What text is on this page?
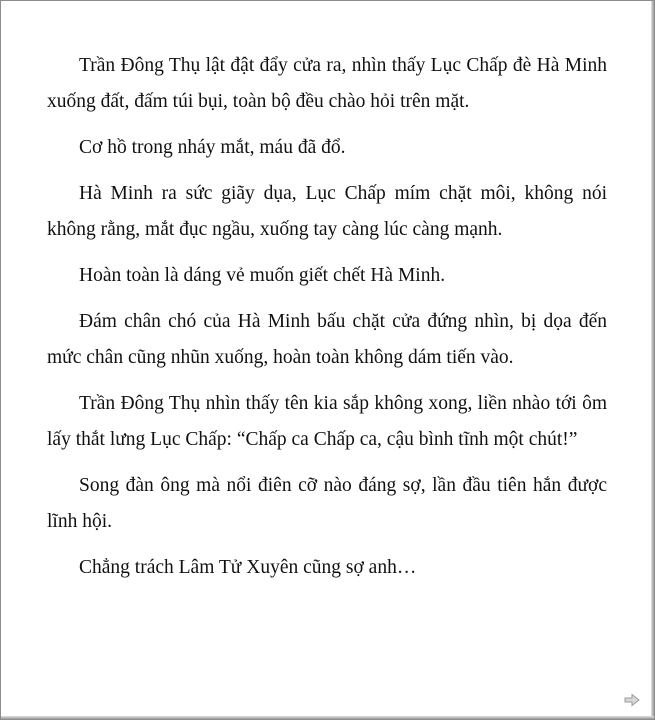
Trần Đông Thụ lật đật đẩy cửa ra, nhìn thấy Lục Chấp đè Hà Minh xuống đất, đấm túi bụi, toàn bộ đều chào hỏi trên mặt.

Cơ hồ trong nháy mắt, máu đã đổ.

Hà Minh ra sức giãy dụa, Lục Chấp mím chặt môi, không nói không rằng, mắt đục ngầu, xuống tay càng lúc càng mạnh.

Hoàn toàn là dáng vẻ muốn giết chết Hà Minh.

Đám chân chó của Hà Minh bấu chặt cửa đứng nhìn, bị dọa đến mức chân cũng nhũn xuống, hoàn toàn không dám tiến vào.

Trần Đông Thụ nhìn thấy tên kia sắp không xong, liền nhào tới ôm lấy thắt lưng Lục Chấp: “Chấp ca Chấp ca, cậu bình tĩnh một chút!”

Song đàn ông mà nổi điên cỡ nào đáng sợ, lần đầu tiên hắn được lĩnh hội.

Chẳng trách Lâm Tử Xuyên cũng sợ anh…
